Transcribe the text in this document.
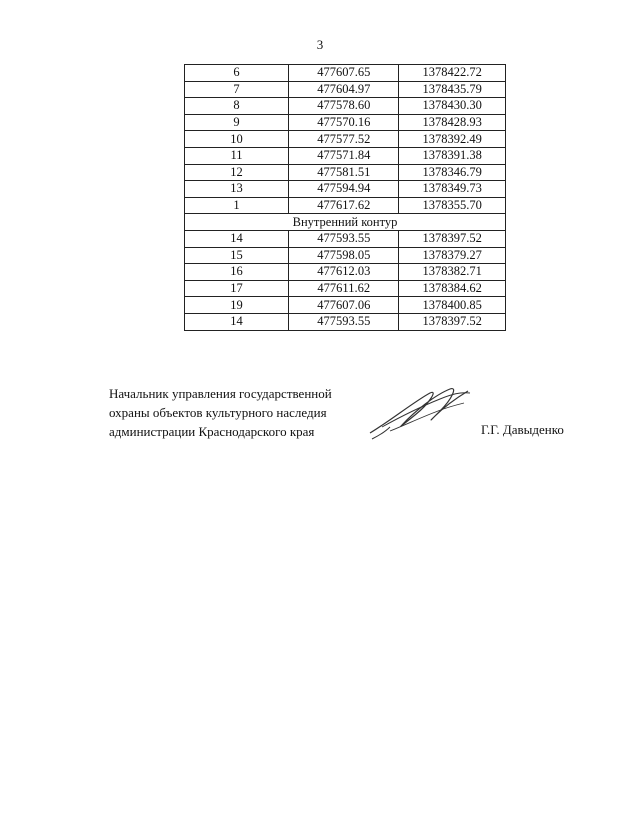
3
6	477607.65	1378422.72
7	477604.97	1378435.79
8	477578.60	1378430.30
9	477570.16	1378428.93
10	477577.52	1378392.49
11	477571.84	1378391.38
12	477581.51	1378346.79
13	477594.94	1378349.73
1	477617.62	1378355.70
Внутренний контур		
14	477593.55	1378397.52
15	477598.05	1378379.27
16	477612.03	1378382.71
17	477611.62	1378384.62
19	477607.06	1378400.85
14	477593.55	1378397.52
Начальник управления государственной
охраны объектов культурного наследия
администрации Краснодарского края	Г.Г. Давыденко
